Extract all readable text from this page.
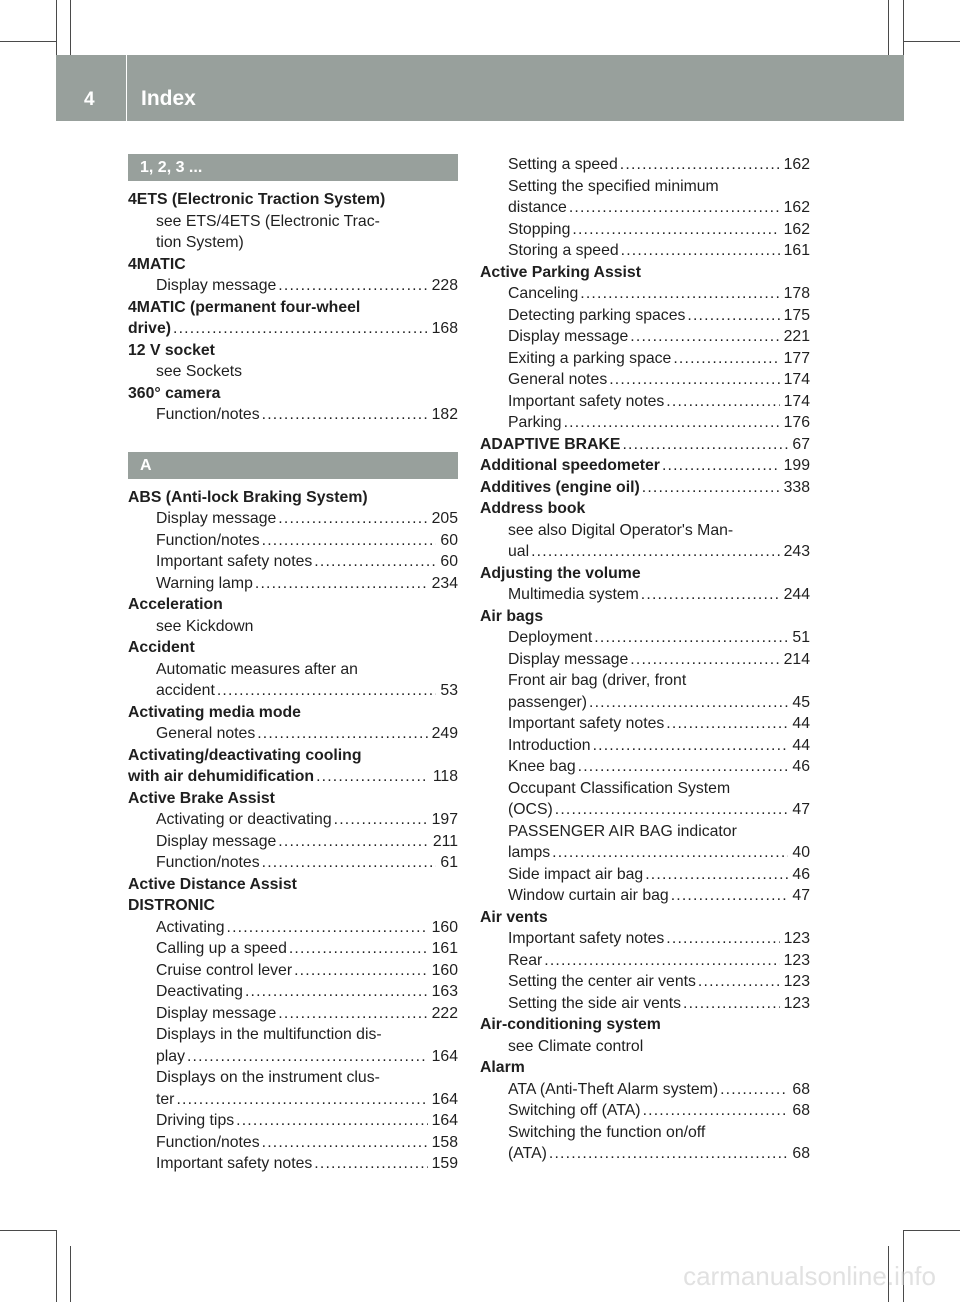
4 Index
1, 2, 3 ...
4ETS (Electronic Traction System)
see ETS/4ETS (Electronic Trac-
tion System)
4MATIC
Display message . . .	228
4MATIC (permanent four-wheel
drive) . . .	168
12 V socket
see Sockets
360° camera
Function/notes . . .	182
A
ABS (Anti-lock Braking System)
Display message . . .	205
Function/notes . . .	60
Important safety notes . . .	60
Warning lamp . . .	234
Acceleration
see Kickdown
Accident
Automatic measures after an
accident . . .	53
Activating media mode
General notes . . .	249
Activating/deactivating cooling
with air dehumidification . . .	118
Active Brake Assist
Activating or deactivating . . .	197
Display message . . .	211
Function/notes . . .	61
Active Distance Assist
DISTRONIC
Activating . . .	160
Calling up a speed . . .	161
Cruise control lever . . .	160
Deactivating . . .	163
Display message . . .	222
Displays in the multifunction dis-
play . . .	164
Displays on the instrument clus-
ter . . .	164
Driving tips . . .	164
Function/notes . . .	158
Important safety notes . . .	159
Setting a speed . . .	162
Setting the specified minimum
distance . . .	162
Stopping . . .	162
Storing a speed . . .	161
Active Parking Assist
Canceling . . .	178
Detecting parking spaces . . .	175
Display message . . .	221
Exiting a parking space . . .	177
General notes . . .	174
Important safety notes . . .	174
Parking . . .	176
ADAPTIVE BRAKE . . .	67
Additional speedometer . . .	199
Additives (engine oil) . . .	338
Address book
see also Digital Operator's Man-
ual . . .	243
Adjusting the volume
Multimedia system . . .	244
Air bags
Deployment . . .	51
Display message . . .	214
Front air bag (driver, front
passenger) . . .	45
Important safety notes . . .	44
Introduction . . .	44
Knee bag . . .	46
Occupant Classification System
(OCS) . . .	47
PASSENGER AIR BAG indicator
lamps . . .	40
Side impact air bag . . .	46
Window curtain air bag . . .	47
Air vents
Important safety notes . . .	123
Rear . . .	123
Setting the center air vents . . .	123
Setting the side air vents . . .	123
Air-conditioning system
see Climate control
Alarm
ATA (Anti-Theft Alarm system) . . .	68
Switching off (ATA) . . .	68
Switching the function on/off
(ATA) . . .	68
carmanualsonline.info
